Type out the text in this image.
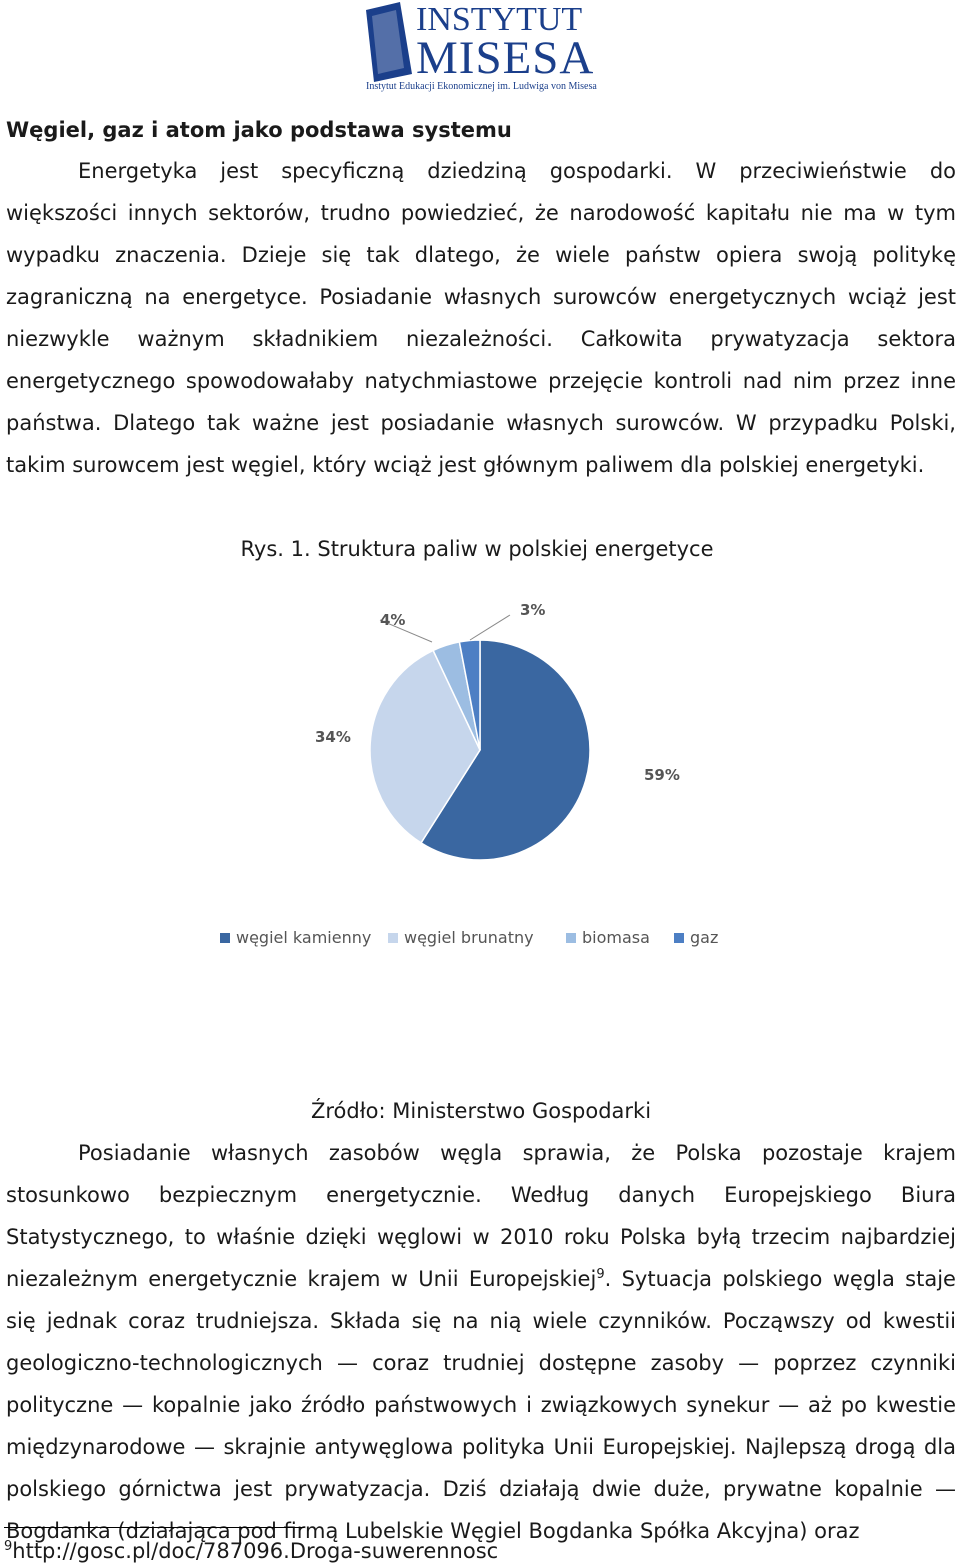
INSTYTUT
MISESA
Instytut Edukacji Ekonomicznej im. Ludwiga von Misesa
Węgiel, gaz i atom jako podstawa systemu
Energetyka jest specyficzną dziedziną gospodarki. W przeciwieństwie do większości innych sektorów, trudno powiedzieć, że narodowość kapitału nie ma w tym wypadku znaczenia. Dzieje się tak dlatego, że wiele państw opiera swoją politykę zagraniczną na energetyce. Posiadanie własnych surowców energetycznych wciąż jest niezwykle ważnym składnikiem niezależności. Całkowita prywatyzacja sektora energetycznego spowodowałaby natychmiastowe przejęcie kontroli nad nim przez inne państwa. Dlatego tak ważne jest posiadanie własnych surowców. W przypadku Polski, takim surowcem jest węgiel, który wciąż jest głównym paliwem dla polskiej energetyki.
Rys. 1. Struktura paliw w polskiej energetyce
Źródło: Ministerstwo Gospodarki
Posiadanie własnych zasobów węgla sprawia, że Polska pozostaje krajem stosunkowo bezpiecznym energetycznie. Według danych Europejskiego Biura Statystycznego, to właśnie dzięki węglowi w 2010 roku Polska byłą trzecim najbardziej niezależnym energetycznie krajem w Unii Europejskiej$^9$. Sytuacja polskiego węgla staje się jednak coraz trudniejsza. Składa się na nią wiele czynników. Począwszy od kwestii geologiczno-technologicznych — coraz trudniej dostępne zasoby — poprzez czynniki polityczne — kopalnie jako źródło państwowych i związkowych synekur — aż po kwestie międzynarodowe — skrajnie antywęglowa polityka Unii Europejskiej. Najlepszą drogą dla polskiego górnictwa jest prywatyzacja. Dziś działają dwie duże, prywatne kopalnie — Bogdanka (działająca pod firmą Lubelskie Węgiel Bogdanka Spółka Akcyjna) oraz
59%
34%
4%
3%
węgiel kamienny węgiel brunatny	biomasa	gaz
$^9$http://gosc.pl/doc/787096.Droga-suwerennosc
